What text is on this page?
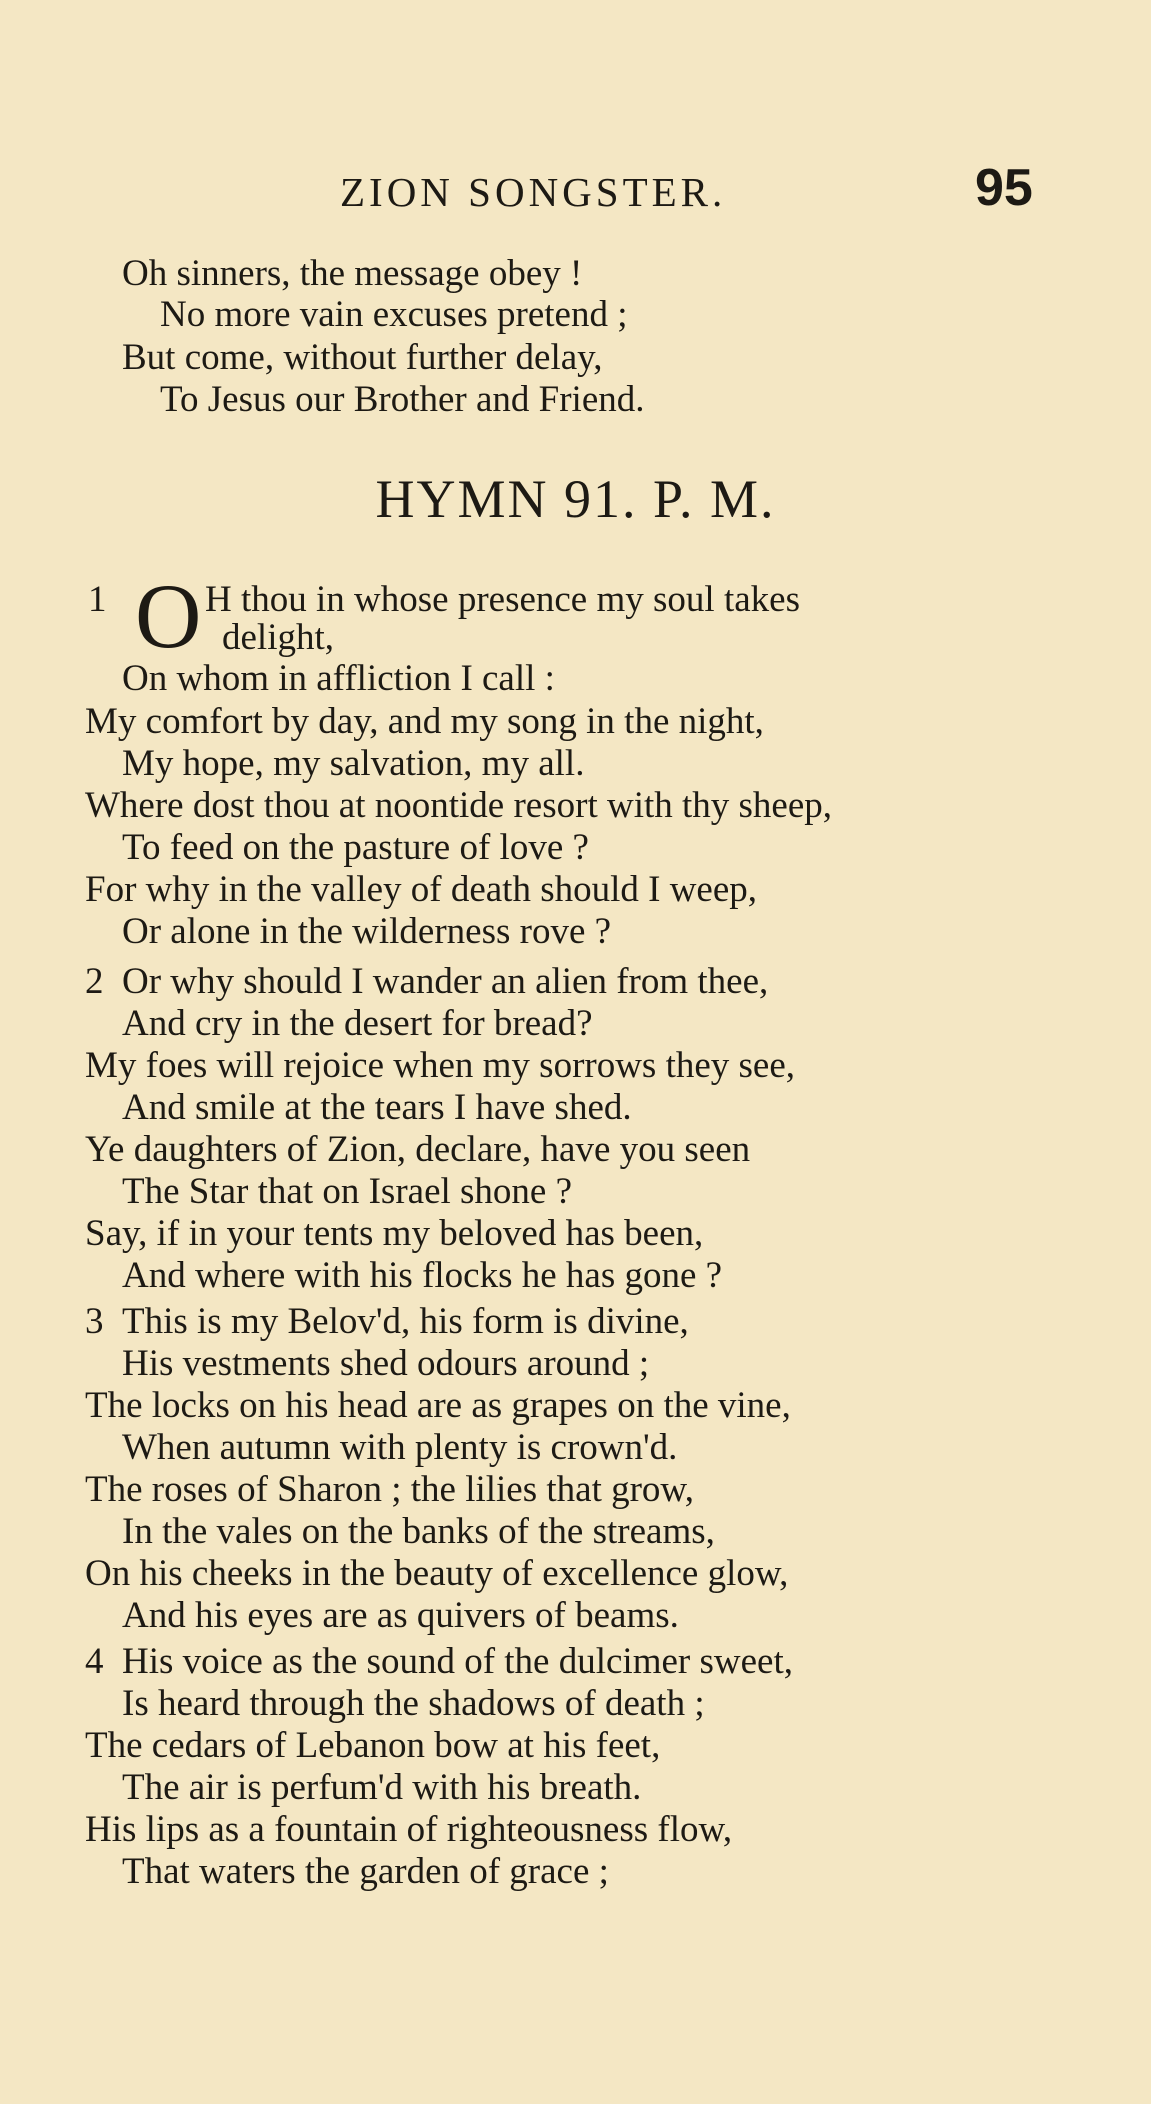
ZION SONGSTER.	95
Oh sinners, the message obey !
No more vain excuses pretend ;
But come, without further delay,
To Jesus our Brother and Friend.
HYMN 91. P. M.
1 O H thou in whose presence my soul takes
delight,
On whom in affliction I call :
My comfort by day, and my song in the night,
My hope, my salvation, my all.
Where dost thou at noontide resort with thy sheep,
To feed on the pasture of love ?
For why in the valley of death should I weep,
Or alone in the wilderness rove ?
2 Or why should I wander an alien from thee,
And cry in the desert for bread?
My foes will rejoice when my sorrows they see,
And smile at the tears I have shed.
Ye daughters of Zion, declare, have you seen
The Star that on Israel shone ?
Say, if in your tents my beloved has been,
And where with his flocks he has gone ?
3 This is my Belov'd, his form is divine,
His vestments shed odours around ;
The locks on his head are as grapes on the vine,
When autumn with plenty is crown'd.
The roses of Sharon ; the lilies that grow,
In the vales on the banks of the streams,
On his cheeks in the beauty of excellence glow,
And his eyes are as quivers of beams.
4 His voice as the sound of the dulcimer sweet,
Is heard through the shadows of death ;
The cedars of Lebanon bow at his feet,
The air is perfum'd with his breath.
His lips as a fountain of righteousness flow,
That waters the garden of grace ;
